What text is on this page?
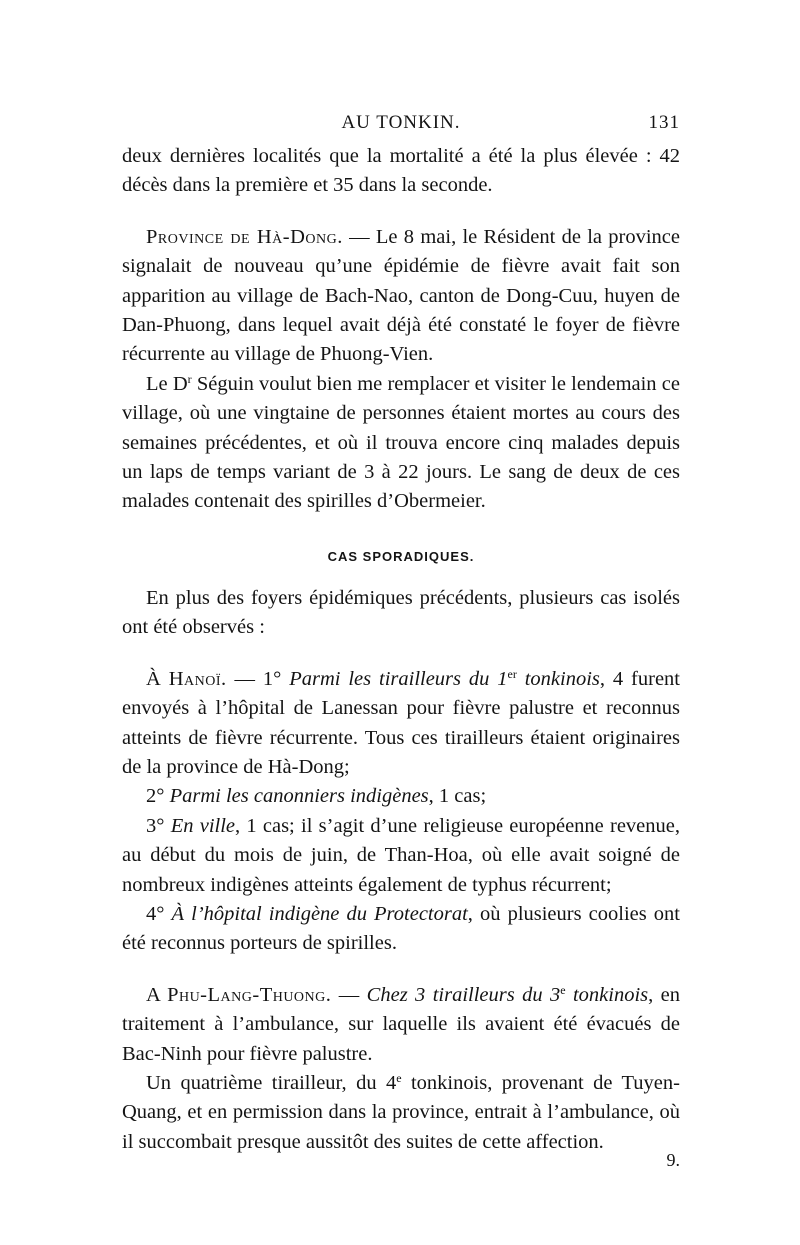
AU TONKIN.	131

deux dernières localités que la mortalité a été la plus élevée : 42 décès dans la première et 35 dans la seconde.

Province de Hà-Dong. — Le 8 mai, le Résident de la province signalait de nouveau qu’une épidémie de fièvre avait fait son apparition au village de Bach-Nao, canton de Dong-Cuu, huyen de Dan-Phuong, dans lequel avait déjà été constaté le foyer de fièvre récurrente au village de Phuong-Vien.

Le $D^r$ Séguin voulut bien me remplacer et visiter le lendemain ce village, où une vingtaine de personnes étaient mortes au cours des semaines précédentes, et où il trouva encore cinq malades depuis un laps de temps variant de 3 à 22 jours. Le sang de deux de ces malades contenait des spirilles d’Obermeier.

CAS SPORADIQUES.

En plus des foyers épidémiques précédents, plusieurs cas isolés ont été observés :

À Hanoï. — 1° Parmi les tirailleurs du 1er tonkinois, 4 furent envoyés à l’hôpital de Lanessan pour fièvre palustre et reconnus atteints de fièvre récurrente. Tous ces tirailleurs étaient originaires de la province de Hà-Dong;

2° Parmi les canonniers indigènes, 1 cas;

3° En ville, 1 cas; il s’agit d’une religieuse européenne revenue, au début du mois de juin, de Than-Hoa, où elle avait soigné de nombreux indigènes atteints également de typhus récurrent;

4° À l’hôpital indigène du Protectorat, où plusieurs coolies ont été reconnus porteurs de spirilles.

A Phu-Lang-Thuong. — Chez 3 tirailleurs du 3e tonkinois, en traitement à l’ambulance, sur laquelle ils avaient été évacués de Bac-Ninh pour fièvre palustre.

Un quatrième tirailleur, du 4e tonkinois, provenant de Tuyen-Quang, et en permission dans la province, entrait à l’ambulance, où il succombait presque aussitôt des suites de cette affection.

9.
